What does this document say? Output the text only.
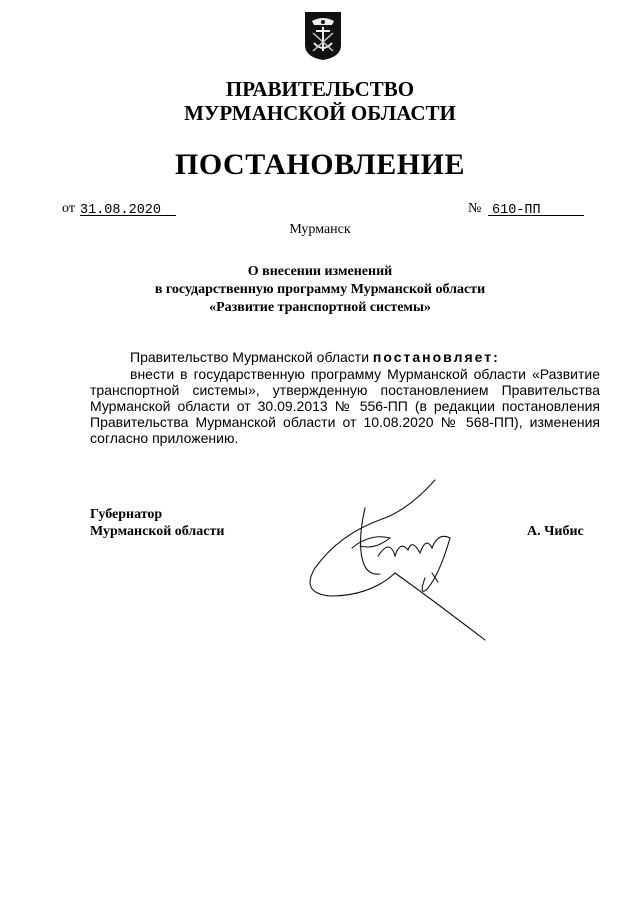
ПРАВИТЕЛЬСТВО
МУРМАНСКОЙ ОБЛАСТИ
ПОСТАНОВЛЕНИЕ
от 31.08.2020	№ 610-ПП
Мурманск
О внесении изменений
в государственную программу Мурманской области
«Развитие транспортной системы»
Правительство Мурманской области постановляет:
внести в государственную программу Мурманской области «Развитие транспортной системы», утвержденную постановлением Правительства Мурманской области от 30.09.2013 № 556-ПП (в редакции постановления Правительства Мурманской области от 10.08.2020 № 568-ПП), изменения согласно приложению.
Губернатор
Мурманской области	А. Чибис
